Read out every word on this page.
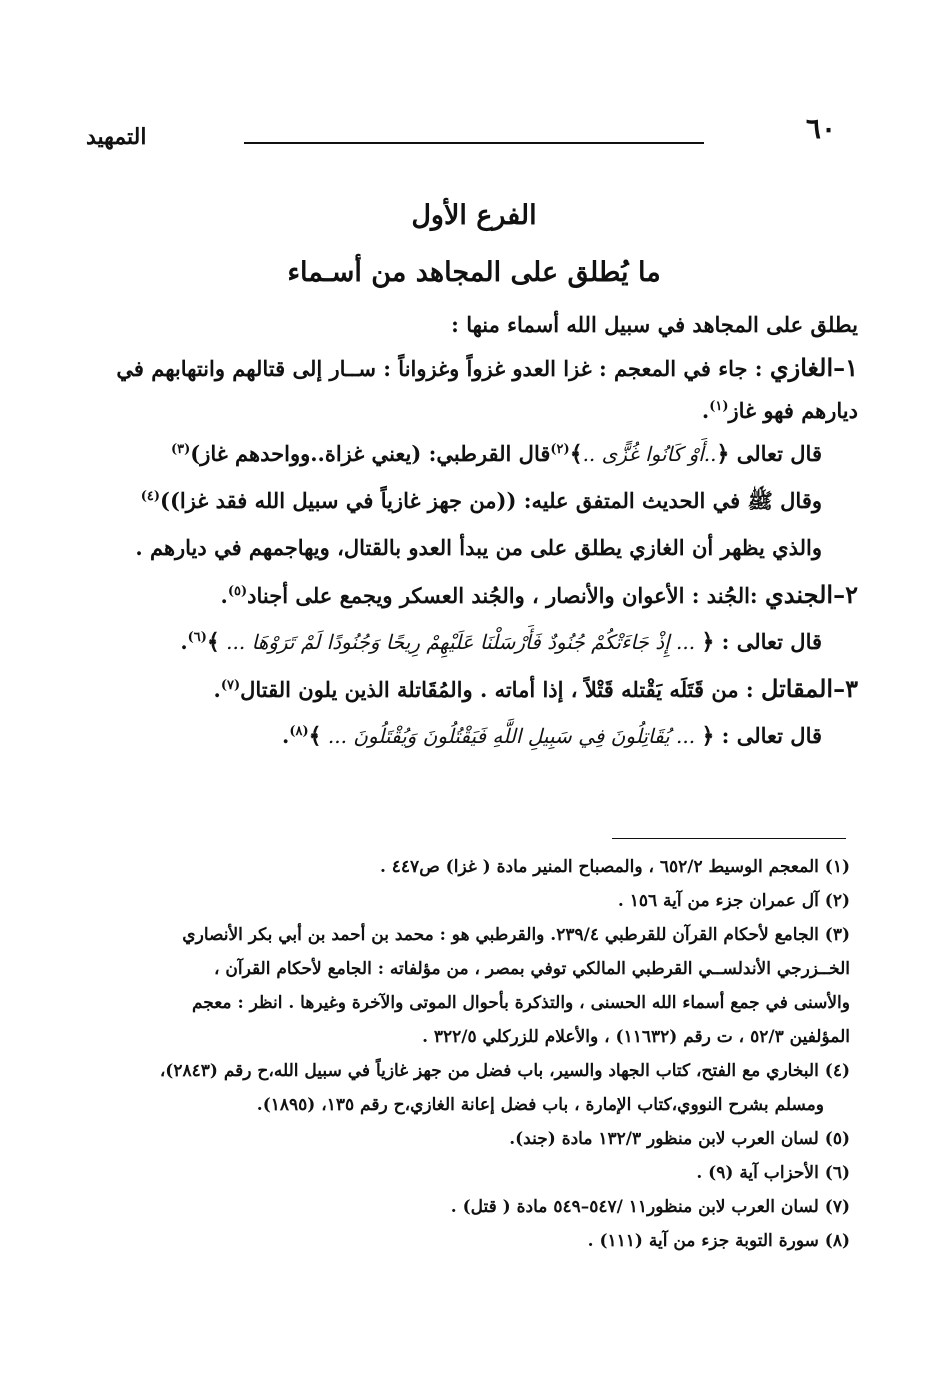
٦٠
التمهيد
الفرع الأول
ما يُطلق على المجاهد من أسـماء
يطلق على المجاهد في سبيل الله أسماء منها :
١–الغازي : جاء في المعجم : غزا العدو غزواً وغزواناً : ســار إلى قتالهم وانتهابهم في
ديارهم فهو غاز$^{(١)}$.
قال تعالى ﴿..أَوْ كَانُوا غُزًّى ..﴾$^{(٢)}$قال القرطبي: (يعني غزاة..وواحدهم غاز)$^{(٣)}$
وقال ﷺ في الحديث المتفق عليه: ((من جهز غازياً في سبيل الله فقد غزا))$^{(٤)}$
والذي يظهر أن الغازي يطلق على من يبدأ العدو بالقتال، ويهاجمهم في ديارهم .
٢–الجندي :الجُند : الأعوان والأنصار ، والجُند العسكر ويجمع على أجناد$^{(٥)}$.
قال تعالى : ﴿ ... إِذْ جَاءَتْكُمْ جُنُودٌ فَأَرْسَلْنَا عَلَيْهِمْ رِيحًا وَجُنُودًا لَمْ تَرَوْهَا ... ﴾$^{(٦)}$.
٣–المقاتل : من قَتَلَه يَقْتله قَتْلاً ، إذا أماته . والمُقَاتلة الذين يلون القتال$^{(٧)}$.
قال تعالى : ﴿ ... يُقَاتِلُونَ فِي سَبِيلِ اللَّهِ فَيَقْتُلُونَ وَيُقْتَلُونَ ... ﴾$^{(٨)}$.
(١) المعجم الوسيط ٦٥٢/٢ ، والمصباح المنير مادة ( غزا) ص٤٤٧ .
(٢) آل عمران جزء من آية ١٥٦ .
(٣) الجامع لأحكام القرآن للقرطبي ٢٣٩/٤. والقرطبي هو : محمد بن أحمد بن أبي بكر الأنصاري
الخــزرجي الأندلســي القرطبي المالكي توفي بمصر ، من مؤلفاته : الجامع لأحكام القرآن ،
والأسنى في جمع أسماء الله الحسنى ، والتذكرة بأحوال الموتى والآخرة وغيرها . انظر : معجم
المؤلفين ٥٢/٣ ، ت رقم (١١٦٣٢) ، والأعلام للزركلي ٣٢٢/٥ .
(٤) البخاري مع الفتح، كتاب الجهاد والسير، باب فضل من جهز غازياً في سبيل الله،ح رقم (٢٨٤٣)،
ومسلم بشرح النووي،كتاب الإمارة ، باب فضل إعانة الغازي،ح رقم ١٣٥، (١٨٩٥).
(٥) لسان العرب لابن منظور ١٣٢/٣ مادة (جند).
(٦) الأحزاب آية (٩) .
(٧) لسان العرب لابن منظور١١ /٥٤٧–٥٤٩ مادة ( قتل) .
(٨) سورة التوبة جزء من آية (١١١) .
